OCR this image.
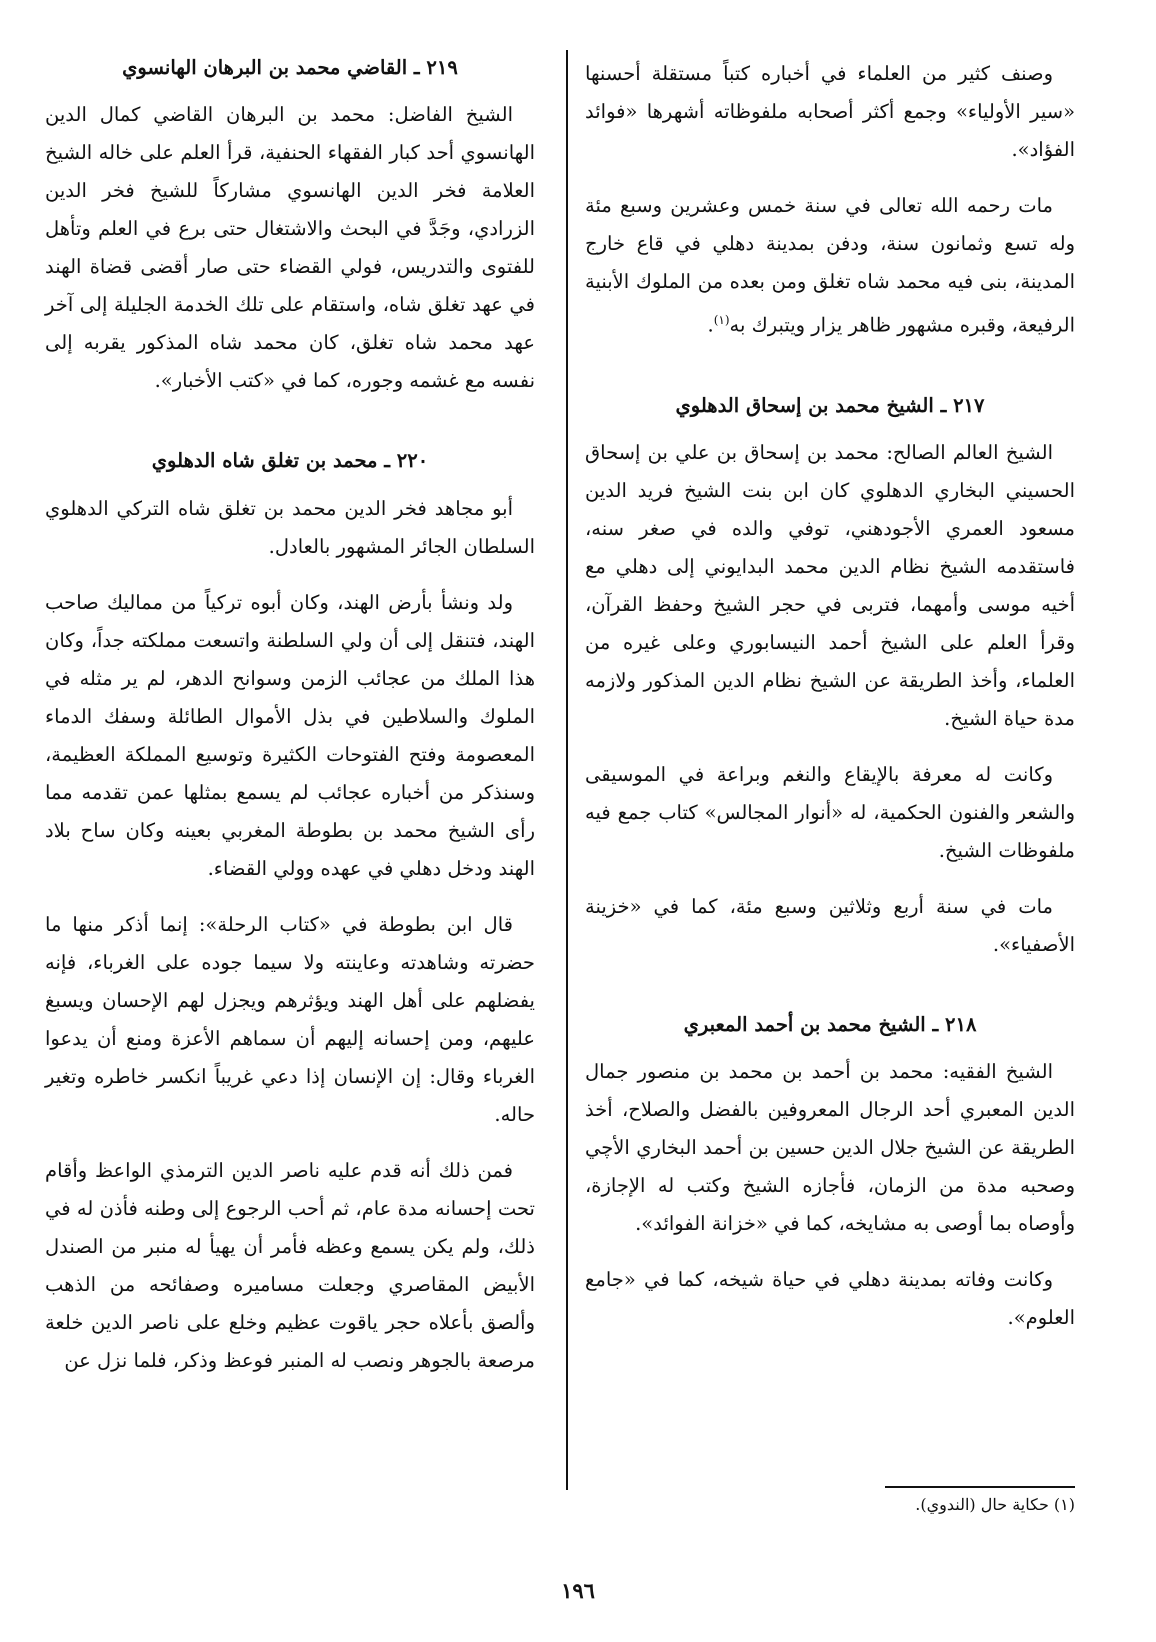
وصنف كثير من العلماء في أخباره كتباً مستقلة أحسنها «سير الأولياء» وجمع أكثر أصحابه ملفوظاته أشهرها «فوائد الفؤاد».

مات رحمه الله تعالى في سنة خمس وعشرين وسبع مئة وله تسع وثمانون سنة، ودفن بمدينة دهلي في قاع خارج المدينة، بنى فيه محمد شاه تغلق ومن بعده من الملوك الأبنية الرفيعة، وقبره مشهور ظاهر يزار ويتبرك به$^{(١)}$.

٢١٧ ـ الشيخ محمد بن إسحاق الدهلوي

الشيخ العالم الصالح: محمد بن إسحاق بن علي بن إسحاق الحسيني البخاري الدهلوي كان ابن بنت الشيخ فريد الدين مسعود العمري الأجودهني، توفي والده في صغر سنه، فاستقدمه الشيخ نظام الدين محمد البدايوني إلى دهلي مع أخيه موسى وأمهما، فتربى في حجر الشيخ وحفظ القرآن، وقرأ العلم على الشيخ أحمد النيسابوري وعلى غيره من العلماء، وأخذ الطريقة عن الشيخ نظام الدين المذكور ولازمه مدة حياة الشيخ.

وكانت له معرفة بالإيقاع والنغم وبراعة في الموسيقى والشعر والفنون الحكمية، له «أنوار المجالس» كتاب جمع فيه ملفوظات الشيخ.

مات في سنة أربع وثلاثين وسبع مئة، كما في «خزينة الأصفياء».

٢١٨ ـ الشيخ محمد بن أحمد المعبري

الشيخ الفقيه: محمد بن أحمد بن محمد بن منصور جمال الدين المعبري أحد الرجال المعروفين بالفضل والصلاح، أخذ الطريقة عن الشيخ جلال الدين حسين بن أحمد البخاري الأچي وصحبه مدة من الزمان، فأجازه الشيخ وكتب له الإجازة، وأوصاه بما أوصى به مشايخه، كما في «خزانة الفوائد».

وكانت وفاته بمدينة دهلي في حياة شيخه، كما في «جامع العلوم».

٢١٩ ـ القاضي محمد بن البرهان الهانسوي

الشيخ الفاضل: محمد بن البرهان القاضي كمال الدين الهانسوي أحد كبار الفقهاء الحنفية، قرأ العلم على خاله الشيخ العلامة فخر الدين الهانسوي مشاركاً للشيخ فخر الدين الزرادي، وجَدَّ في البحث والاشتغال حتى برع في العلم وتأهل للفتوى والتدريس، فولي القضاء حتى صار أقضى قضاة الهند في عهد تغلق شاه، واستقام على تلك الخدمة الجليلة إلى آخر عهد محمد شاه تغلق، كان محمد شاه المذكور يقربه إلى نفسه مع غشمه وجوره، كما في «كتب الأخبار».

٢٢٠ ـ محمد بن تغلق شاه الدهلوي

أبو مجاهد فخر الدين محمد بن تغلق شاه التركي الدهلوي السلطان الجائر المشهور بالعادل.

ولد ونشأ بأرض الهند، وكان أبوه تركياً من مماليك صاحب الهند، فتنقل إلى أن ولي السلطنة واتسعت مملكته جداً، وكان هذا الملك من عجائب الزمن وسوانح الدهر، لم ير مثله في الملوك والسلاطين في بذل الأموال الطائلة وسفك الدماء المعصومة وفتح الفتوحات الكثيرة وتوسيع المملكة العظيمة، وسنذكر من أخباره عجائب لم يسمع بمثلها عمن تقدمه مما رأى الشيخ محمد بن بطوطة المغربي بعينه وكان ساح بلاد الهند ودخل دهلي في عهده وولي القضاء.

قال ابن بطوطة في «كتاب الرحلة»: إنما أذكر منها ما حضرته وشاهدته وعاينته ولا سيما جوده على الغرباء، فإنه يفضلهم على أهل الهند ويؤثرهم ويجزل لهم الإحسان ويسبغ عليهم، ومن إحسانه إليهم أن سماهم الأعزة ومنع أن يدعوا الغرباء وقال: إن الإنسان إذا دعي غريباً انكسر خاطره وتغير حاله.

فمن ذلك أنه قدم عليه ناصر الدين الترمذي الواعظ وأقام تحت إحسانه مدة عام، ثم أحب الرجوع إلى وطنه فأذن له في ذلك، ولم يكن يسمع وعظه فأمر أن يهيأ له منبر من الصندل الأبيض المقاصري وجعلت مساميره وصفائحه من الذهب وألصق بأعلاه حجر ياقوت عظيم وخلع على ناصر الدين خلعة مرصعة بالجوهر ونصب له المنبر فوعظ وذكر، فلما نزل عن

(١) حكاية حال (الندوي).
١٩٦
